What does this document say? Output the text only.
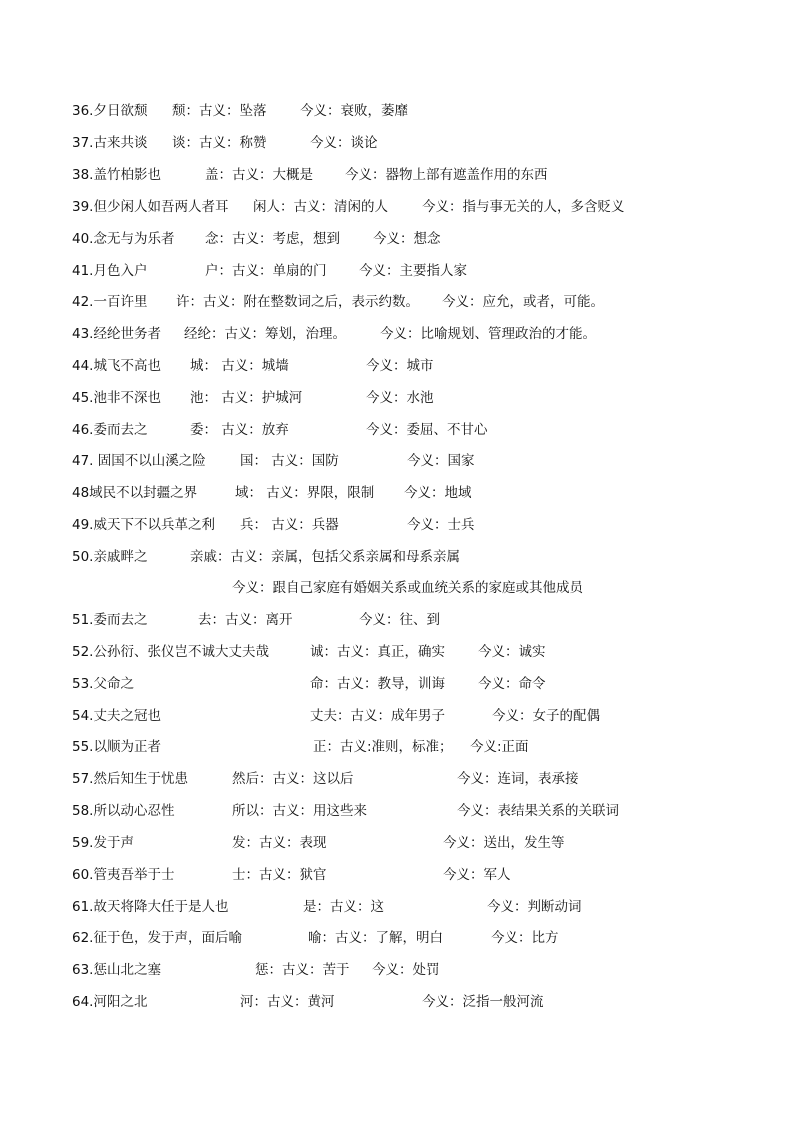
36.夕日欲颓 颓：古义：坠落 今义：衰败，萎靡
37.古来共谈 谈：古义：称赞	今义：谈论
38.盖竹柏影也	盖：古义：大概是 今义：器物上部有遮盖作用的东西
39.但少闲人如吾两人者耳 闲人：古义：清闲的人	今义：指与事无关的人，多含贬义
40.念无与为乐者 念：古义：考虑，想到 今义：想念
41.月色入户	户：古义：单扇的门 今义：主要指人家
42.一百许里 许：古义：附在整数词之后，表示约数。 今义：应允，或者，可能。
43.经纶世务者 经纶：古义：筹划，治理。	今义：比喻规划、管理政治的才能。
44.城飞不高也 城： 古义：城墙	今义：城市
45.池非不深也 池： 古义：护城河	今义：水池
46.委而去之	委： 古义：放弃	今义：委屈、不甘心
47. 固国不以山溪之险	国： 古义：国防	今义：国家
48域民不以封疆之界	域： 古义：界限，限制 今义：地域
49.威天下不以兵革之利 兵： 古义：兵器	今义：士兵
50.亲戚畔之	亲戚：古义：亲属，包括父系亲属和母系亲属
今义：跟自己家庭有婚姻关系或血统关系的家庭或其他成员
51.委而去之	去：古义：离开	今义：往、到
52.公孙衍、张仪岂不诚大丈夫哉	诚：古义：真正，确实 今义：诚实
53.父命之	命：古义：教导，训诲 今义：命令
54.丈夫之冠也	丈夫：古义：成年男子	今义：女子的配偶
55.以顺为正者	正：古义:准则，标准； 今义:正面
57.然后知生于忧患	然后：古义：这以后	今义：连词，表承接
58.所以动心忍性	所以：古义：用这些来	今义：表结果关系的关联词
59.发于声	发：古义：表现	今义：送出，发生等
60.管夷吾举于士	士：古义：狱官	今义：军人
61.故天将降大任于是人也	是：古义：这	今义：判断动词
62.征于色，发于声，面后喻	喻：古义：了解，明白	今义：比方
63.惩山北之塞	惩：古义：苦于 今义：处罚
64.河阳之北	河：古义：黄河	今义：泛指一般河流
